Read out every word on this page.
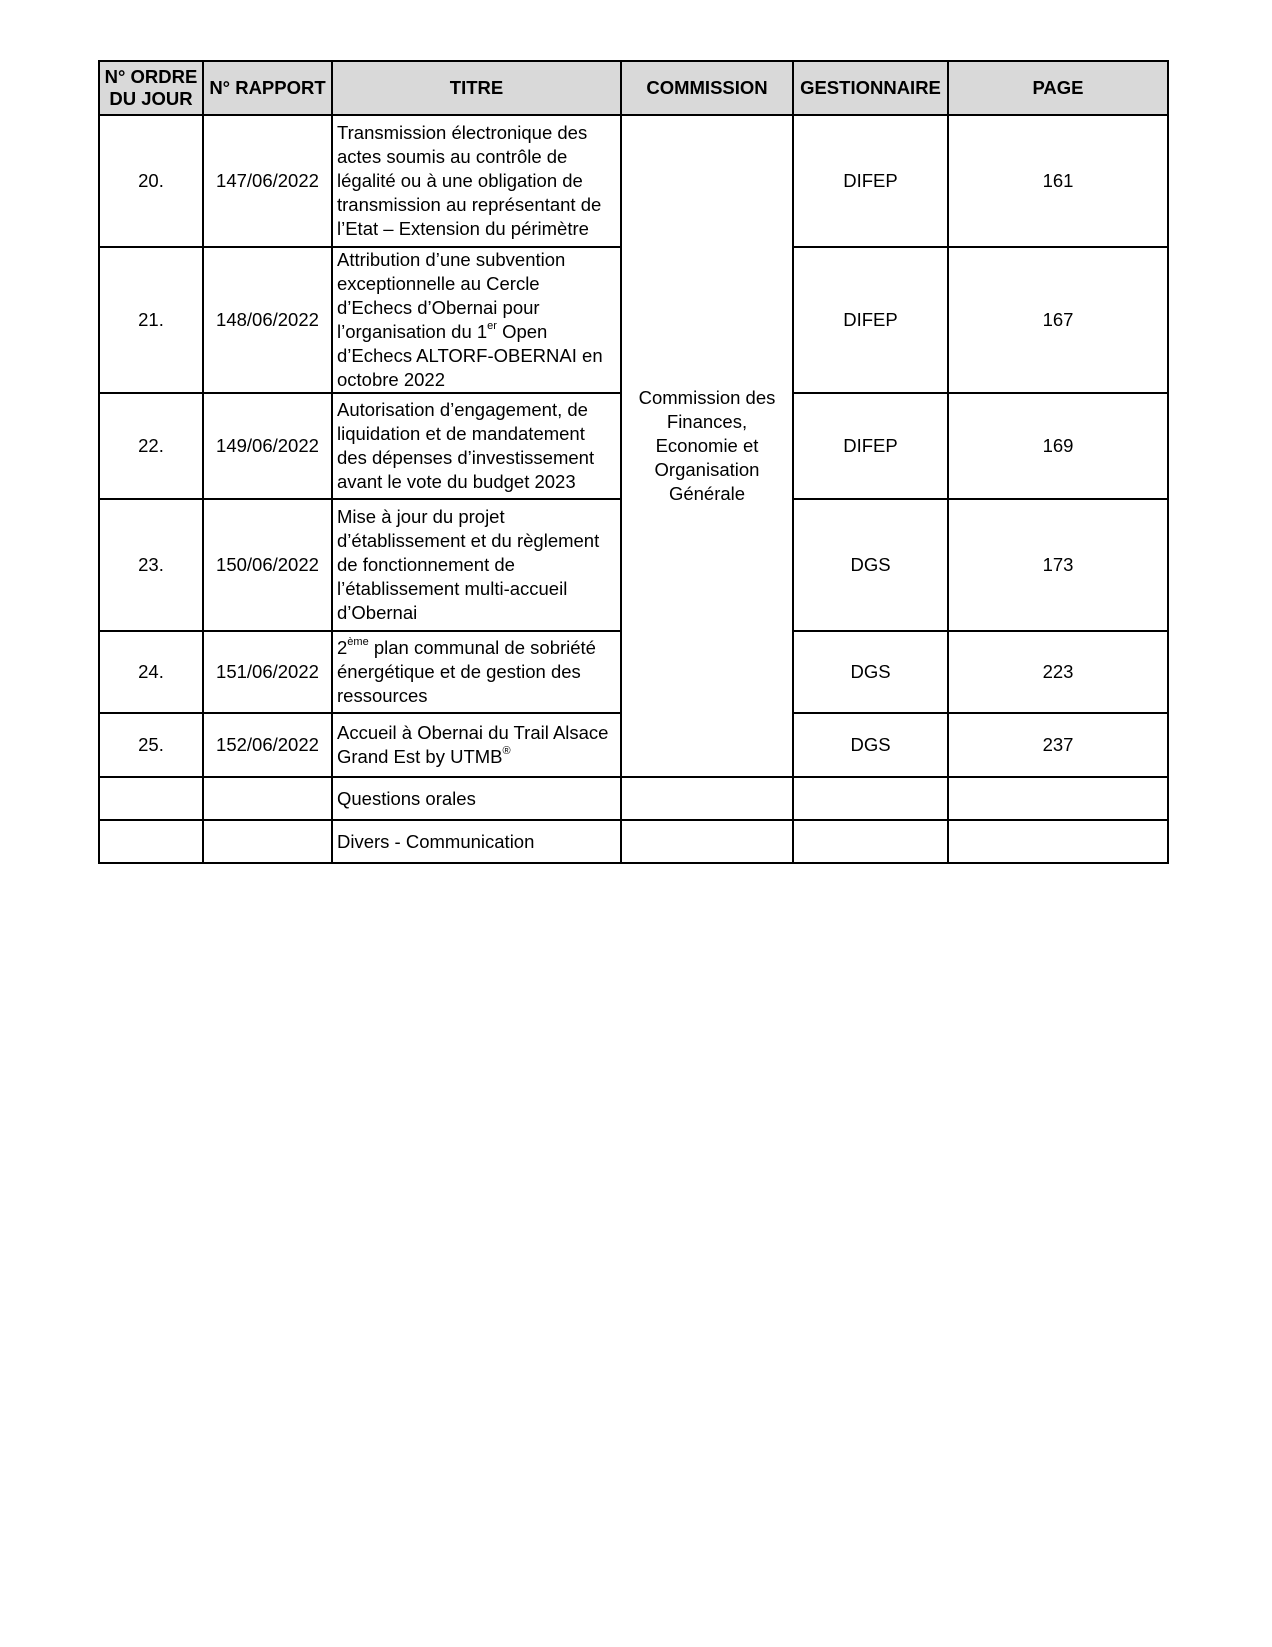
N° ORDRE DU JOUR	N° RAPPORT	TITRE	COMMISSION	GESTIONNAIRE	PAGE
20.	147/06/2022	Transmission électronique des actes soumis au contrôle de légalité ou à une obligation de transmission au représentant de l’Etat – Extension du périmètre	Commission des Finances, Economie et Organisation Générale	DIFEP	161
21.	148/06/2022	Attribution d’une subvention exceptionnelle au Cercle d’Echecs d’Obernai pour l’organisation du 1er Open d’Echecs ALTORF-OBERNAI en octobre 2022		DIFEP	167
22.	149/06/2022	Autorisation d’engagement, de liquidation et de mandatement des dépenses d’investissement avant le vote du budget 2023		DIFEP	169
23.	150/06/2022	Mise à jour du projet d’établissement et du règlement de fonctionnement de l’établissement multi-accueil d’Obernai		DGS	173
24.	151/06/2022	2ème plan communal de sobriété énergétique et de gestion des ressources		DGS	223
25.	152/06/2022	Accueil à Obernai du Trail Alsace Grand Est by UTMB®		DGS	237
		Questions orales			
		Divers - Communication			
